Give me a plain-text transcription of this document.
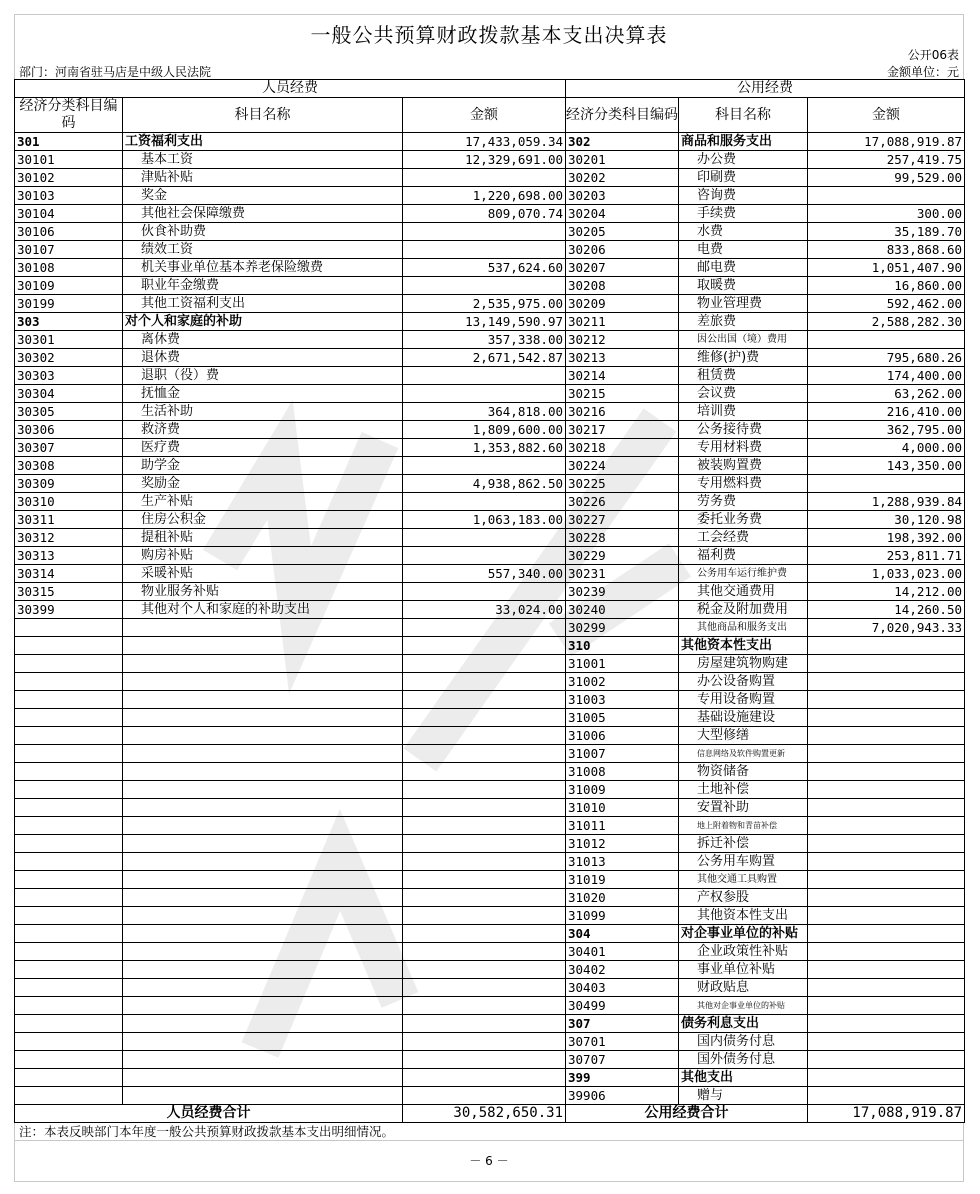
一般公共预算财政拨款基本支出决算表
公开06表
部门：河南省驻马店是中级人民法院	金额单位：元
人员经费			公用经费		
经济分类科目编码	科目名称	金额	经济分类科目编码	科目名称	金额
301	工资福利支出	17,433,059.34	302	商品和服务支出	17,088,919.87
30101	基本工资	12,329,691.00	30201	办公费	257,419.75
30102	津贴补贴		30202	印刷费	99,529.00
30103	奖金	1,220,698.00	30203	咨询费	
30104	其他社会保障缴费	809,070.74	30204	手续费	300.00
30106	伙食补助费		30205	水费	35,189.70
30107	绩效工资		30206	电费	833,868.60
30108	机关事业单位基本养老保险缴费	537,624.60	30207	邮电费	1,051,407.90
30109	职业年金缴费		30208	取暖费	16,860.00
30199	其他工资福利支出	2,535,975.00	30209	物业管理费	592,462.00
303	对个人和家庭的补助	13,149,590.97	30211	差旅费	2,588,282.30
30301	离休费	357,338.00	30212	因公出国（境）费用	
30302	退休费	2,671,542.87	30213	维修(护)费	795,680.26
30303	退职（役）费		30214	租赁费	174,400.00
30304	抚恤金		30215	会议费	63,262.00
30305	生活补助	364,818.00	30216	培训费	216,410.00
30306	救济费	1,809,600.00	30217	公务接待费	362,795.00
30307	医疗费	1,353,882.60	30218	专用材料费	4,000.00
30308	助学金		30224	被装购置费	143,350.00
30309	奖励金	4,938,862.50	30225	专用燃料费	
30310	生产补贴		30226	劳务费	1,288,939.84
30311	住房公积金	1,063,183.00	30227	委托业务费	30,120.98
30312	提租补贴		30228	工会经费	198,392.00
30313	购房补贴		30229	福利费	253,811.71
30314	采暖补贴	557,340.00	30231	公务用车运行维护费	1,033,023.00
30315	物业服务补贴		30239	其他交通费用	14,212.00
30399	其他对个人和家庭的补助支出	33,024.00	30240	税金及附加费用	14,260.50
			30299	其他商品和服务支出	7,020,943.33
			310	其他资本性支出	
			31001	房屋建筑物购建	
			31002	办公设备购置	
			31003	专用设备购置	
			31005	基础设施建设	
			31006	大型修缮	
			31007	信息网络及软件购置更新	
			31008	物资储备	
			31009	土地补偿	
			31010	安置补助	
			31011	地上附着物和青苗补偿	
			31012	拆迁补偿	
			31013	公务用车购置	
			31019	其他交通工具购置	
			31020	产权参股	
			31099	其他资本性支出	
			304	对企事业单位的补贴	
			30401	企业政策性补贴	
			30402	事业单位补贴	
			30403	财政贴息	
			30499	其他对企事业单位的补贴	
			307	债务利息支出	
			30701	国内债务付息	
			30707	国外债务付息	
			399	其他支出	
			39906	赠与	
人员经费合计		30,582,650.31	公用经费合计		17,088,919.87
注：本表反映部门本年度一般公共预算财政拨款基本支出明细情况。
－ 6 －
